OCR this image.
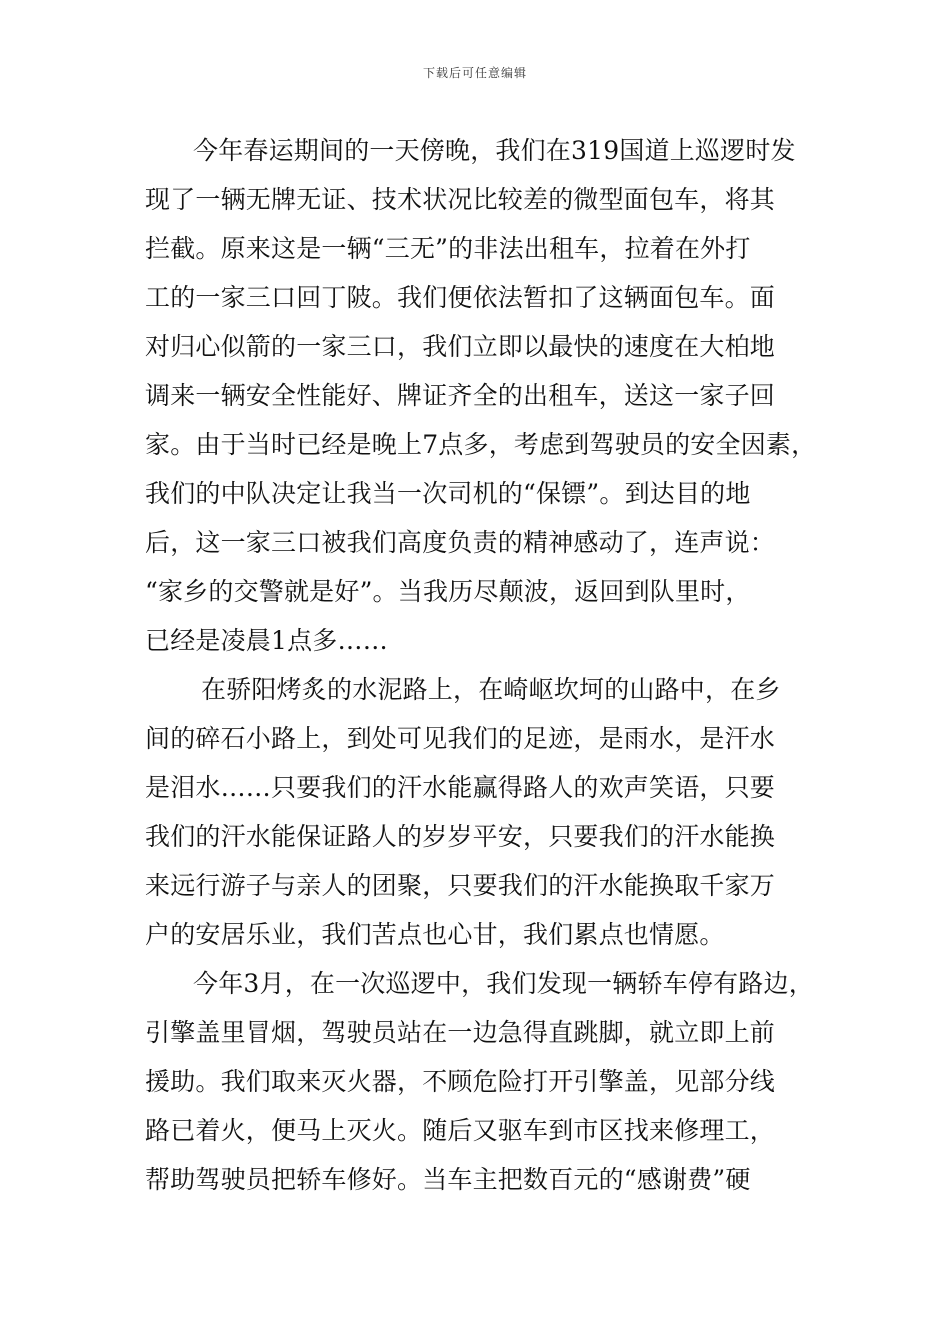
下载后可任意编辑
今年春运期间的一天傍晚，我们在319国道上巡逻时发
现了一辆无牌无证、技术状况比较差的微型面包车，将其
拦截。原来这是一辆“三无”的非法出租车，拉着在外打
工的一家三口回丁陂。我们便依法暂扣了这辆面包车。面
对归心似箭的一家三口，我们立即以最快的速度在大柏地
调来一辆安全性能好、牌证齐全的出租车，送这一家子回
家。由于当时已经是晚上7点多，考虑到驾驶员的安全因素，
我们的中队决定让我当一次司机的“保镖”。到达目的地
后，这一家三口被我们高度负责的精神感动了，连声说：
“家乡的交警就是好”。当我历尽颠波，返回到队里时，
已经是凌晨1点多……
在骄阳烤炙的水泥路上，在崎岖坎坷的山路中，在乡
间的碎石小路上，到处可见我们的足迹，是雨水，是汗水
是泪水……只要我们的汗水能赢得路人的欢声笑语，只要
我们的汗水能保证路人的岁岁平安，只要我们的汗水能换
来远行游子与亲人的团聚，只要我们的汗水能换取千家万
户的安居乐业，我们苦点也心甘，我们累点也情愿。
今年3月，在一次巡逻中，我们发现一辆轿车停有路边，
引擎盖里冒烟，驾驶员站在一边急得直跳脚，就立即上前
援助。我们取来灭火器，不顾危险打开引擎盖，见部分线
路已着火，便马上灭火。随后又驱车到市区找来修理工，
帮助驾驶员把轿车修好。当车主把数百元的“感谢费”硬
